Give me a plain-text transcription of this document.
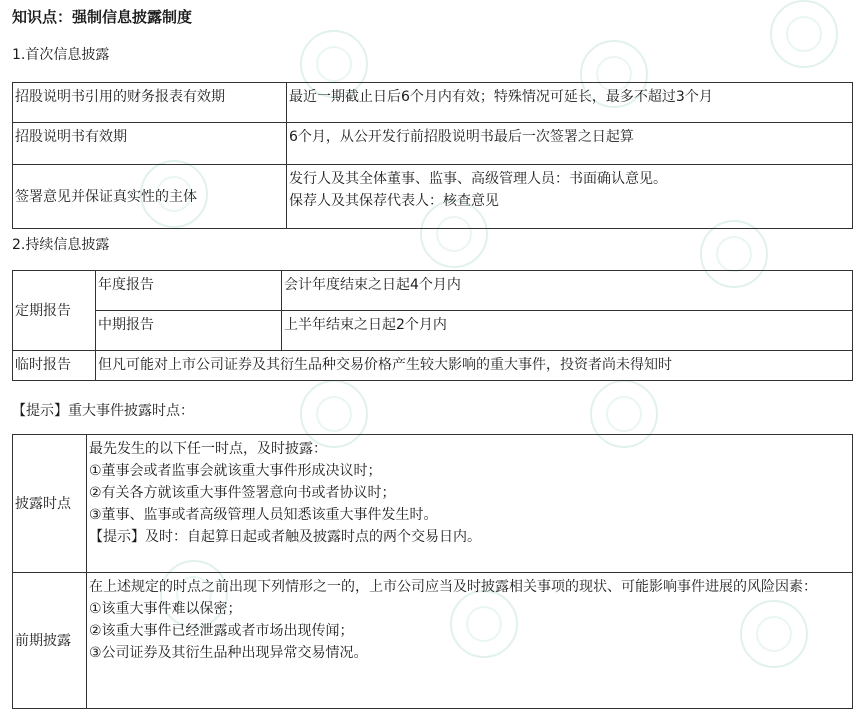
知识点：强制信息披露制度
1.首次信息披露
招股说明书引用的财务报表有效期	最近一期截止日后6个月内有效；特殊情况可延长，最多不超过3个月

招股说明书有效期	6个月，从公开发行前招股说明书最后一次签署之日起算

签署意见并保证真实性的主体	发行人及其全体董事、监事、高级管理人员：书面确认意见。
保荐人及其保荐代表人：核查意见
2.持续信息披露
定期报告	年度报告	会计年度结束之日起4个月内
	中期报告	上半年结束之日起2个月内
临时报告	但凡可能对上市公司证券及其衍生品种交易价格产生较大影响的重大事件，投资者尚未得知时	
【提示】重大事件披露时点：
披露时点	最先发生的以下任一时点，及时披露：
①董事会或者监事会就该重大事件形成决议时；
②有关各方就该重大事件签署意向书或者协议时；
③董事、监事或者高级管理人员知悉该重大事件发生时。
【提示】及时：自起算日起或者触及披露时点的两个交易日内。

前期披露	在上述规定的时点之前出现下列情形之一的，上市公司应当及时披露相关事项的现状、可能影响事件进展的风险因素：
①该重大事件难以保密；
②该重大事件已经泄露或者市场出现传闻；
③公司证券及其衍生品种出现异常交易情况。
